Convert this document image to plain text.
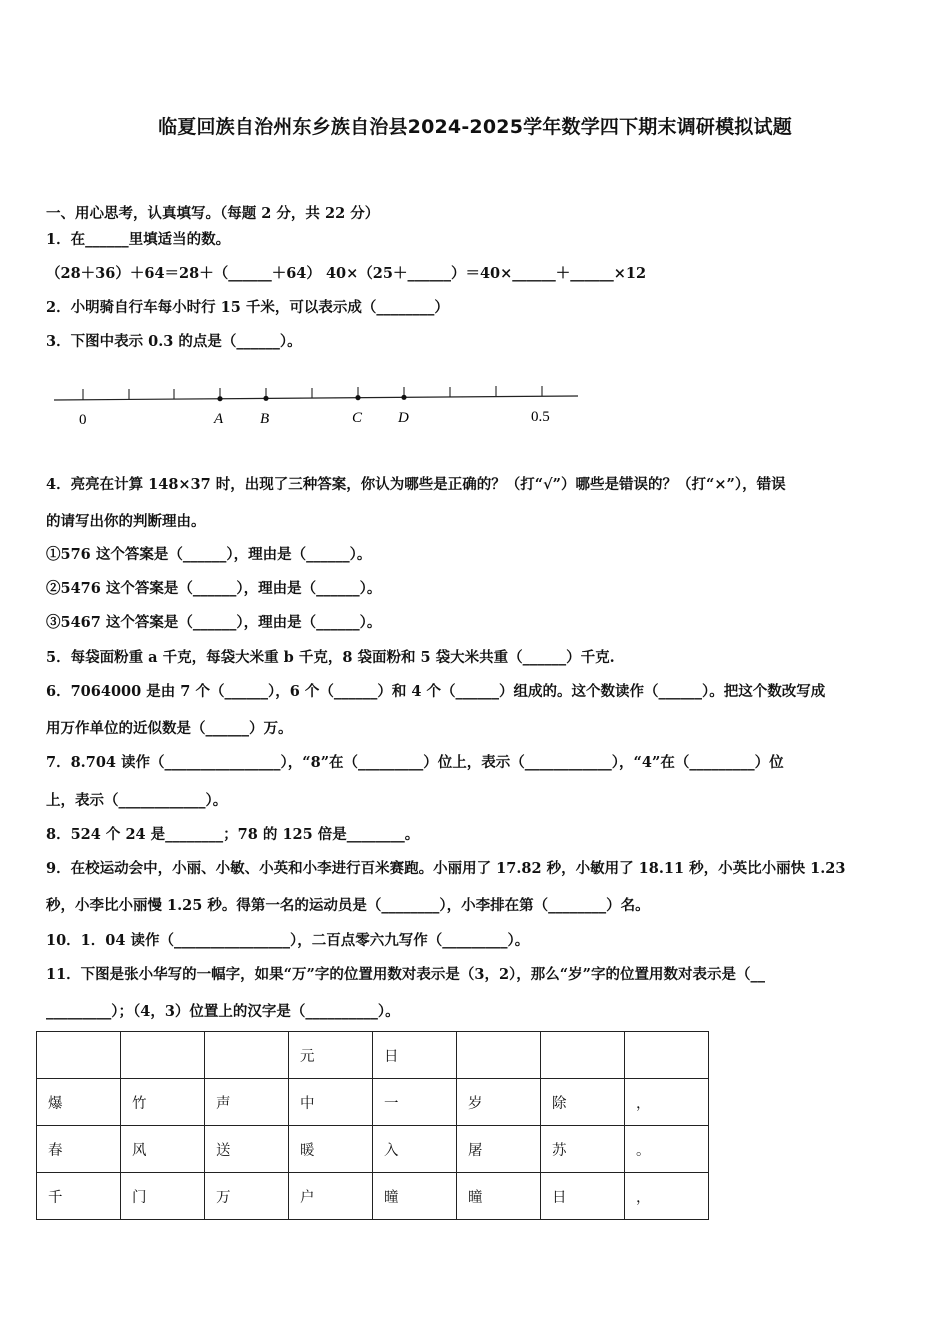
临夏回族自治州东乡族自治县2024-2025学年数学四下期末调研模拟试题
一、用心思考，认真填写。（每题 2 分，共 22 分）
1．在______里填适当的数。
（28＋36）＋64＝28＋（______＋64） 40×（25＋______）＝40×______＋______×12
2．小明骑自行车每小时行 15 千米，可以表示成（________）
3．下图中表示 0.3 的点是（______）。
0	A B	C D	0.5
4．亮亮在计算 148×37 时，出现了三种答案，你认为哪些是正确的？（打“√”）哪些是错误的？（打“×”），错误
的请写出你的判断理由。
①576 这个答案是（______），理由是（______）。
②5476 这个答案是（______），理由是（______）。
③5467 这个答案是（______），理由是（______）。
5．每袋面粉重 a 千克，每袋大米重 b 千克，8 袋面粉和 5 袋大米共重（______）千克.
6．7064000 是由 7 个（______），6 个（______）和 4 个（______）组成的。这个数读作（______）。把这个数改写成
用万作单位的近似数是（______）万。
7．8.704 读作（________________），“8”在（_________）位上，表示（____________），“4”在（_________）位
上，表示（____________）。
8．524 个 24 是________；78 的 125 倍是________。
9．在校运动会中，小丽、小敏、小英和小李进行百米赛跑。小丽用了 17.82 秒，小敏用了 18.11 秒，小英比小丽快 1.23
秒，小李比小丽慢 1.25 秒。得第一名的运动员是（________），小李排在第（________）名。
10．1．04 读作（________________），二百点零六九写作（_________）。
11．下图是张小华写的一幅字，如果“万”字的位置用数对表示是（3，2），那么“岁”字的位置用数对表示是（__
_________）；（4，3）位置上的汉字是（__________）。
			元	日			
爆	竹	声	中	一	岁	除	，
春	风	送	暖	入	屠	苏	。
千	门	万	户	曈	曈	日	，
